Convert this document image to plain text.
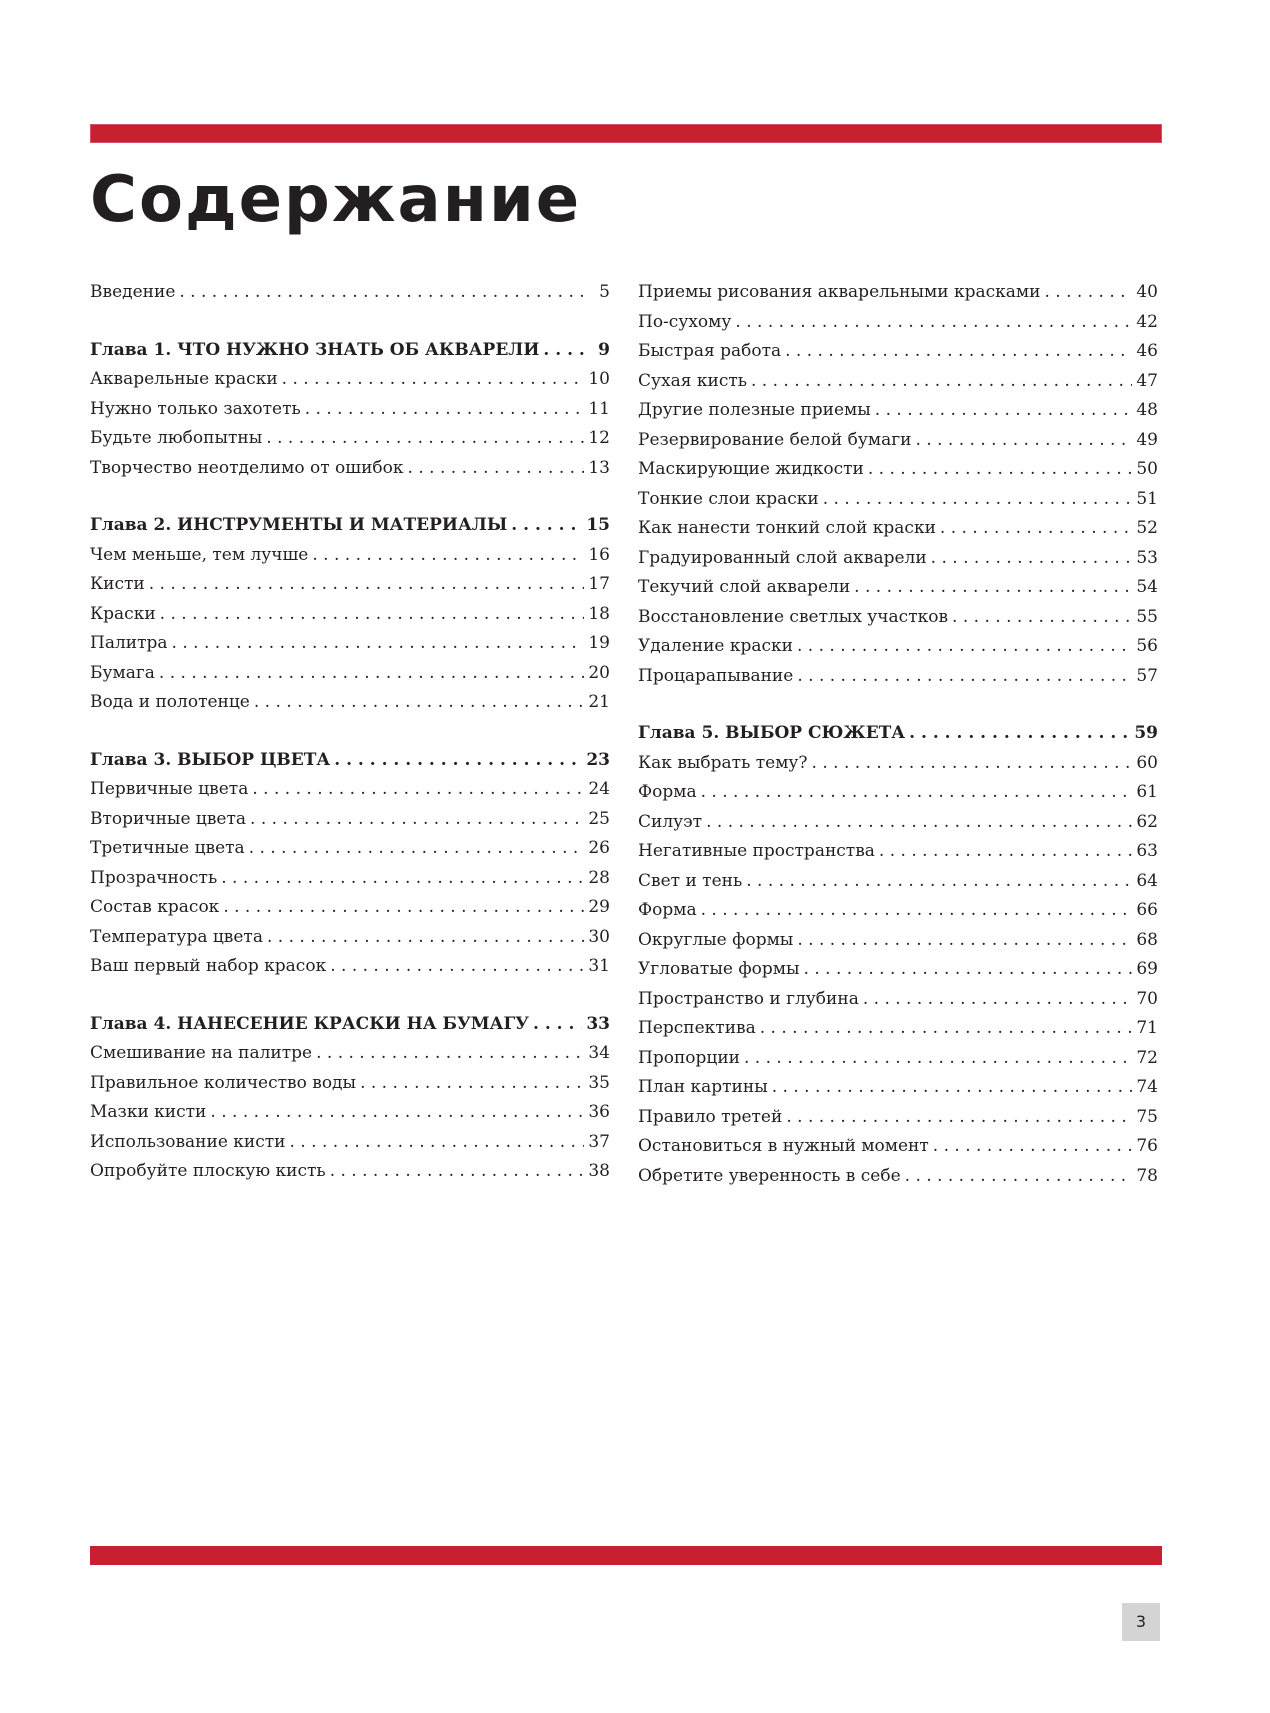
Содержание
Введение . . .	5
Глава 1. ЧТО НУЖНО ЗНАТЬ ОБ АКВАРЕЛИ . . .	9
Акварельные краски . . .	10
Нужно только захотеть . . .	11
Будьте любопытны . . .	12
Творчество неотделимо от ошибок . . .	13
Глава 2. ИНСТРУМЕНТЫ И МАТЕРИАЛЫ . . .	15
Чем меньше, тем лучше . . .	16
Кисти . . .	17
Краски . . .	18
Палитра . . .	19
Бумага . . .	20
Вода и полотенце . . .	21
Глава 3. ВЫБОР ЦВЕТА . . .	23
Первичные цвета . . .	24
Вторичные цвета . . .	25
Третичные цвета . . .	26
Прозрачность . . .	28
Состав красок . . .	29
Температура цвета . . .	30
Ваш первый набор красок . . .	31
Глава 4. НАНЕСЕНИЕ КРАСКИ НА БУМАГУ . . .	33
Смешивание на палитре . . .	34
Правильное количество воды . . .	35
Мазки кисти . . .	36
Использование кисти . . .	37
Опробуйте плоскую кисть . . .	38
Приемы рисования акварельными красками . . .	40
По-сухому . . .	42
Быстрая работа . . .	46
Сухая кисть . . .	47
Другие полезные приемы . . .	48
Резервирование белой бумаги . . .	49
Маскирующие жидкости . . .	50
Тонкие слои краски . . .	51
Как нанести тонкий слой краски . . .	52
Градуированный слой акварели . . .	53
Текучий слой акварели . . .	54
Восстановление светлых участков . . .	55
Удаление краски . . .	56
Процарапывание . . .	57
Глава 5. ВЫБОР СЮЖЕТА . . .	59
Как выбрать тему? . . .	60
Форма . . .	61
Силуэт . . .	62
Негативные пространства . . .	63
Свет и тень . . .	64
Форма . . .	66
Округлые формы . . .	68
Угловатые формы . . .	69
Пространство и глубина . . .	70
Перспектива . . .	71
Пропорции . . .	72
План картины . . .	74
Правило третей . . .	75
Остановиться в нужный момент . . .	76
Обретите уверенность в себе . . .	78
3
